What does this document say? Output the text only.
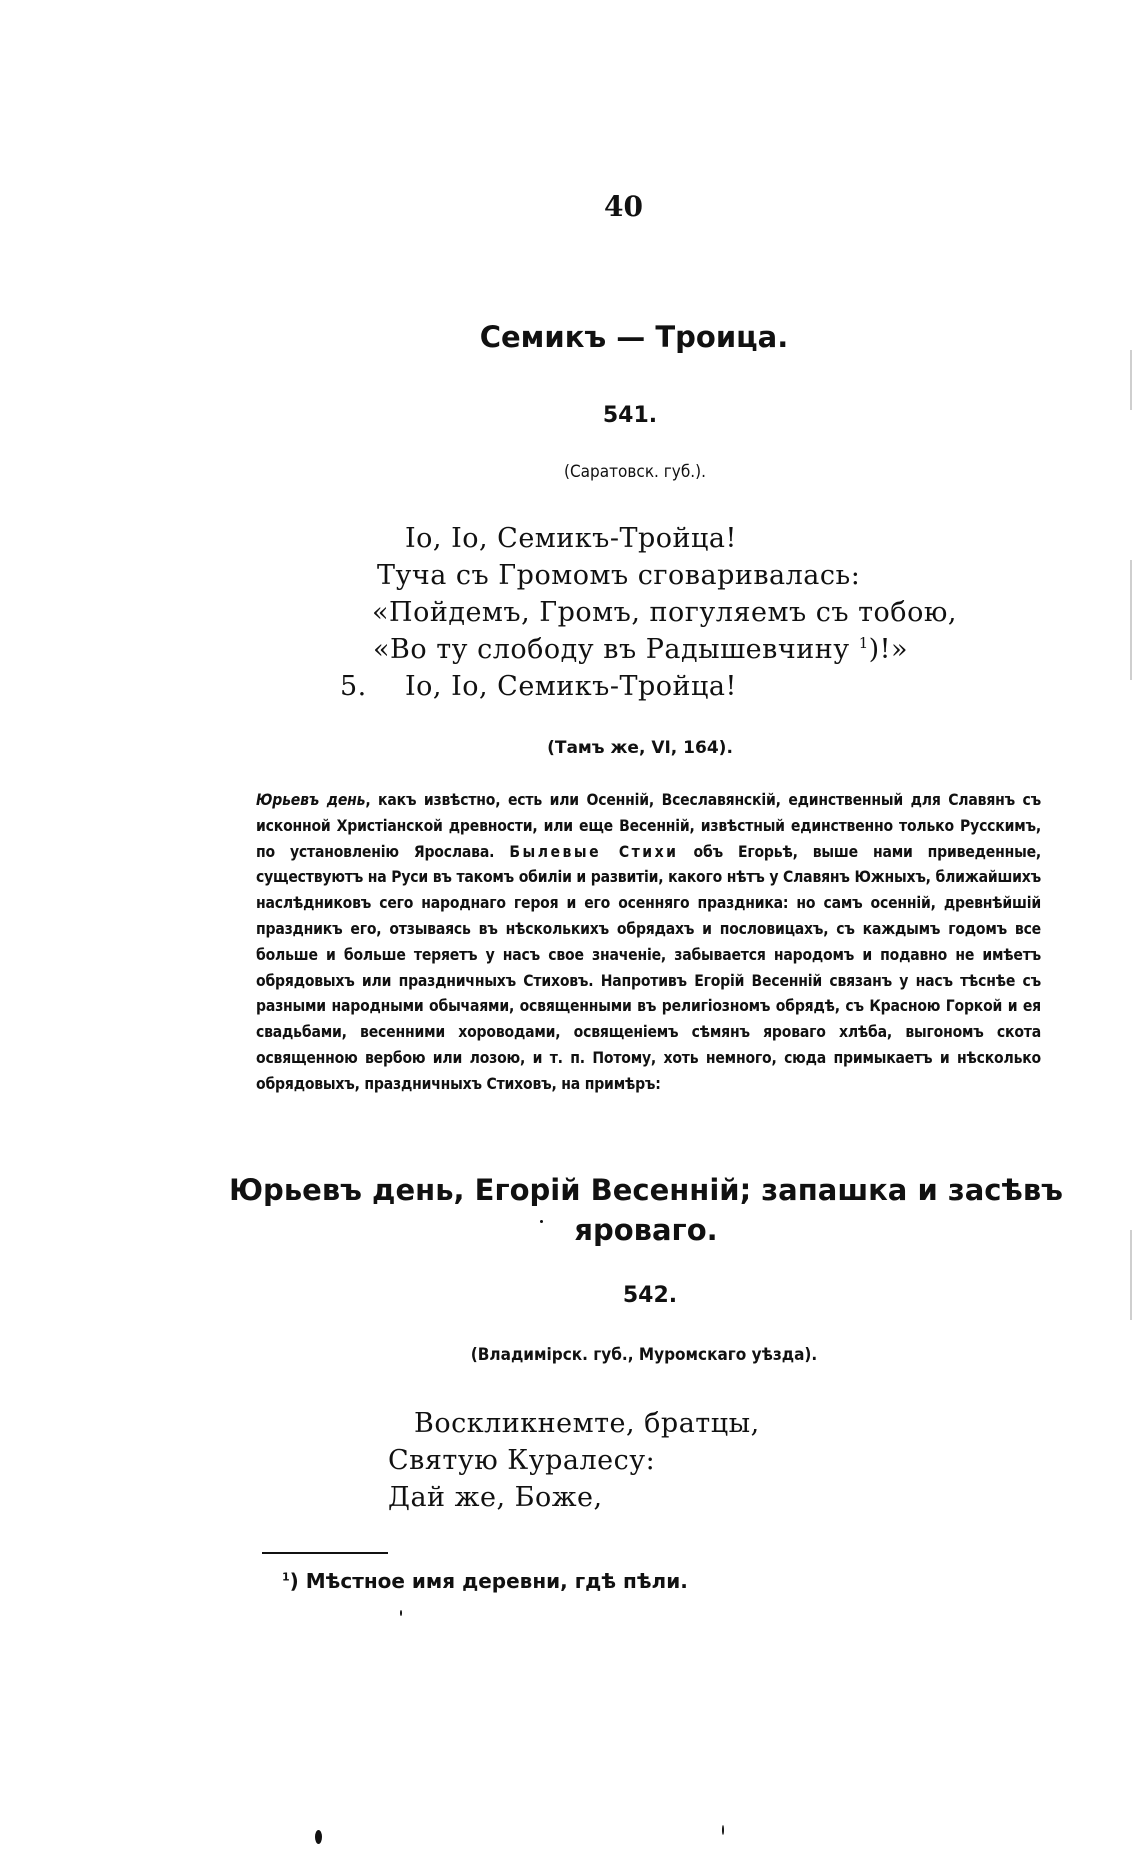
40
Семикъ — Троица.
541.
(Саратовск. губ.).
Іо, Іо, Семикъ-Тройца!
Туча съ Громомъ сговаривалась:
«Пойдемъ, Громъ, погуляемъ съ тобою,
«Во ту слободу въ Радышевчину $^1$)!»
5. Іо, Іо, Семикъ-Тройца!
(Тамъ же, VI, 164).
Юрьевъ день, какъ извѣстно, есть или Осенній, Всеславянскій, единственный для Славянъ съ исконной Христіанской древности, или еще Весенній, извѣстный единственно только Русскимъ, по установленію Ярослава. Былевые Стихи объ Егорьѣ, выше нами приведенные, существуютъ на Руси въ такомъ обиліи и развитіи, какого нѣтъ у Славянъ Южныхъ, ближайшихъ наслѣдниковъ сего народнаго героя и его осенняго праздника: но самъ осенній, древнѣйшій праздникъ его, отзываясь въ нѣсколькихъ обрядахъ и пословицахъ, съ каждымъ годомъ все больше и больше теряетъ у насъ свое значеніе, забывается народомъ и подавно не имѣетъ обрядовыхъ или праздничныхъ Стиховъ. Напротивъ Егорій Весенній связанъ у насъ тѣснѣе съ разными народными обычаями, освященными въ религіозномъ обрядѣ, съ Красною Горкой и ея свадьбами, весенними хороводами, освященіемъ сѣмянъ яроваго хлѣба, выгономъ скота освященною вербою или лозою, и т. п. Потому, хоть немного, сюда примыкаетъ и нѣсколько обрядовыхъ, праздничныхъ Стиховъ, на примѣръ:
Юрьевъ день, Егорій Весенній; запашка и засѣвъ
яроваго.
542.
(Владимірск. губ., Муромскаго уѣзда).
Воскликнемте, братцы,
Святую Куралесу:
Дай же, Боже,
$^1$) Мѣстное имя деревни, гдѣ пѣли.
